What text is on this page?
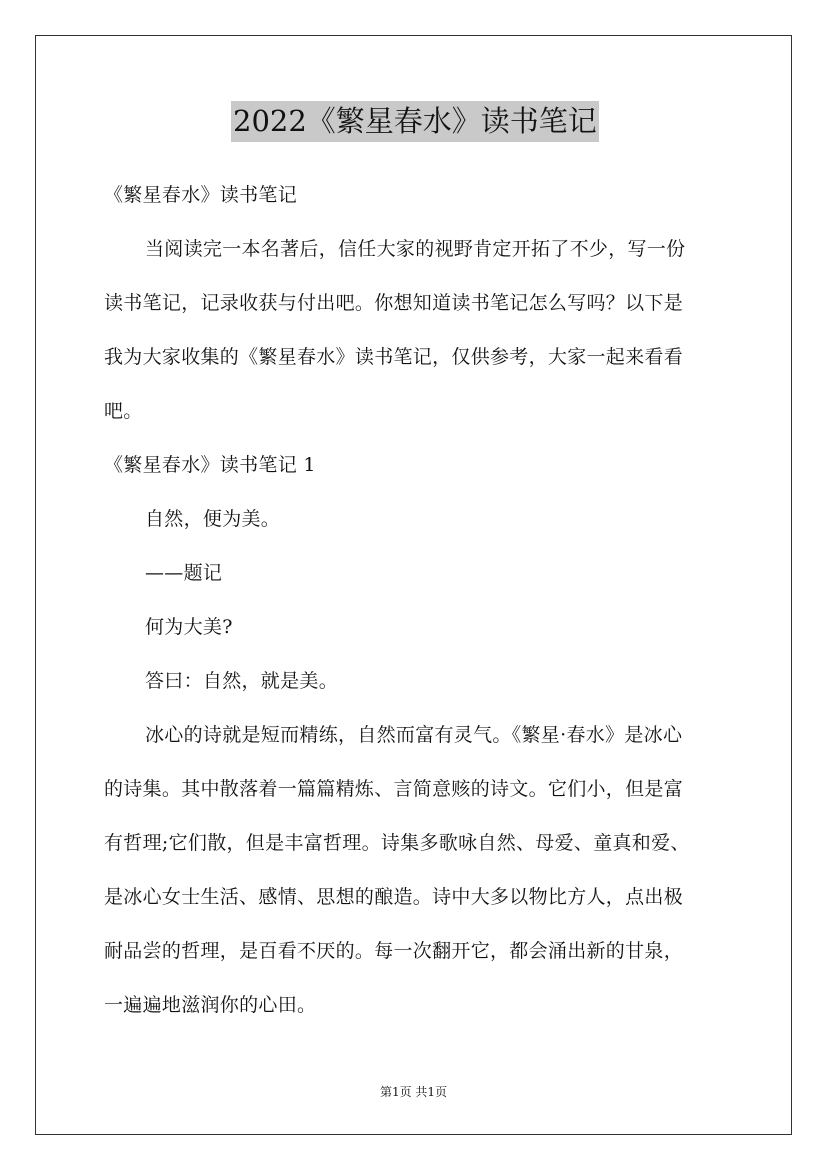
2022《繁星春水》读书笔记
《繁星春水》读书笔记
当阅读完一本名著后，信任大家的视野肯定开拓了不少，写一份
读书笔记，记录收获与付出吧。你想知道读书笔记怎么写吗？以下是
我为大家收集的《繁星春水》读书笔记，仅供参考，大家一起来看看
吧。
《繁星春水》读书笔记 1
自然，便为美。
——题记
何为大美?
答曰：自然，就是美。
冰心的诗就是短而精练，自然而富有灵气。《繁星·春水》是冰心
的诗集。其中散落着一篇篇精炼、言简意赅的诗文。它们小，但是富
有哲理;它们散，但是丰富哲理。诗集多歌咏自然、母爱、童真和爱、
是冰心女士生活、感情、思想的酿造。诗中大多以物比方人，点出极
耐品尝的哲理，是百看不厌的。每一次翻开它，都会涌出新的甘泉，
一遍遍地滋润你的心田。
第1页 共1页
